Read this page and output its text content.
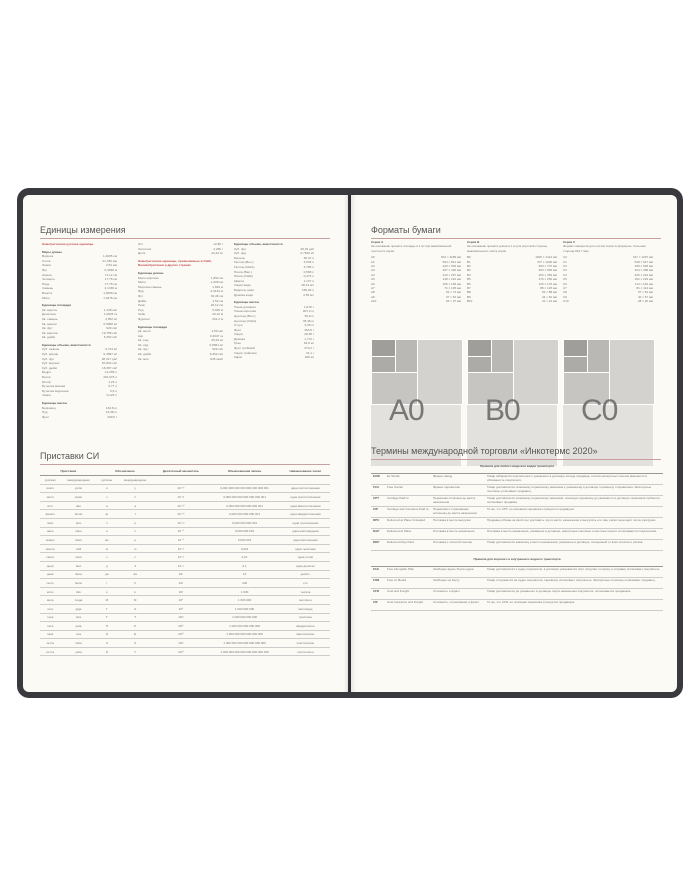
Единицы измерения
Неметрические русские единицы
Меры длины
Вершок	1,4605 см
Сотка	21,336 мм
Линия	2,54 мм
Фут	0,3048 м
Аршин	71,12 см
Четверть	17,78 см
Пядь	17,78 см
Сажень	2,1336 м
Верста	1,0668 км
Миля	7,4676 км
Единицы площади
Кв. верста	1,138 км²
Десятина	1,0925 га
Кв. сажень	4,552 м²
Кв. аршин	0,5058 м²
Кв. фут	929 см²
Кв. вершок	19,758 см²
Кв. дюйм	6,452 см²
Единицы объема, вместимости
Куб. сажень	9,713 м³
Куб. аршин	0,3597 м³
Куб. фут	28,317 дм³
Куб. вершок	87,824 см³
Куб. дюйм	16,387 см³
Ведро	12,299 л
Бочка	491,976 л
Штоф	1,23 л
Бутылка винная	0,77 л
Бутылка водочная	0,6 л
Чарка	0,123 л
Единицы массы
Берковец	163,8 кг
Пуд	16,38 кг
Фунт	409,5 г
Лот	12,80 г
Золотник	4,266 г
Доля	44,43 мг
Неметрические единицы, применяемые в США, Великобритании и других странах
Единицы длины
Миля морская	1,852 км
Миля	1,609 км
Морская сажень	1,829 м
Ярд	0,9144 м
Фут	30,48 см
Дюйм	2,54 см
Линк	20,12 см
Род	5,029 м
Чейн	20,12 м
Фурлонг	201,2 м
Единицы площади
Кв. миля	2,59 км²
Акр	0,4047 га
Кв. род	25,29 м²
Кв. ярд	0,8361 м²
Кв. фут	929 см²
Кв. дюйм	6,452 см²
Кв. мил	645 мкм²
Единицы объема, вместимости
Куб. фут	28,32 дм³
Куб. ярд	0,7646 м³
Бушель	36,37 л
Галлон (Вел.)	4,546 л
Галлон (США)	3,785 л
Пинта (Вел.)	0,568 л
Пинта (США)	0,473 л
Кварта	1,137 л
Унция жидк.	28,41 мл
Баррель нефт.	158,99 л
Драхма жидк.	3,55 мл
Единицы массы
Тонна длинная	1,016 т
Тонна короткая	907,2 кг
Центнер (Вел.)	50,8 кг
Центнер (США)	45,36 кг
Стоун	6,35 кг
Фунт	453,6 г
Унция	28,35 г
Драхма	1,772 г
Гран	64,8 мг
Фунт тройский	373,2 г
Унция тройская	31,1 г
Карат	200 мг
Приставки СИ
Приставка		Обозначение		Десятичный множитель	Обыкновенная запись	Наименование чисел
русская	международная	русское	международное			
иокто	yocto	и	y	10⁻²⁴	0,000 000 000 000 000 000 000 001	одна септиллионная
зепто	zepto	з	z	10⁻²¹	0,000 000 000 000 000 000 001	одна секстиллионная
атто	atto	а	a	10⁻¹⁸	0,000 000 000 000 000 001	одна квинтиллионная
фемто	femto	ф	f	10⁻¹⁵	0,000 000 000 000 001	одна квадриллионная
пико	pico	п	p	10⁻¹²	0,000 000 000 001	одна триллионная
нано	nano	н	n	10⁻⁹	0,000 000 001	одна миллиардная
микро	micro	мк	µ	10⁻⁶	0,000 001	одна миллионная
милли	milli	м	m	10⁻³	0,001	одна тысячная
санти	centi	с	c	10⁻²	0,01	одна сотая
деци	deci	д	d	10⁻¹	0,1	одна десятая
дека	deca	да	da	10¹	10	десять
гекто	hecto	г	h	10²	100	сто
кило	kilo	к	k	10³	1 000	тысяча
мега	mega	М	M	10⁶	1 000 000	миллион
гига	giga	Г	G	10⁹	1 000 000 000	миллиард
тера	tera	Т	T	10¹²	1 000 000 000 000	триллион
пета	peta	П	P	10¹⁵	1 000 000 000 000 000	квадриллион
экса	exa	Э	E	10¹⁸	1 000 000 000 000 000 000	квинтиллион
зетта	zetta	З	Z	10²¹	1 000 000 000 000 000 000 000	секстиллион
иотта	yotta	И	Y	10²⁴	1 000 000 000 000 000 000 000 000	септиллион
Форматы бумаги
Серия A
За основание принята площадь в 1 м² при максимальной плотности серии
A0	841 × 1189 мм
A1	594 × 841 мм
A2	420 × 594 мм
A3	297 × 420 мм
A4	210 × 297 мм
A5	148 × 210 мм
A6	105 × 148 мм
A7	74 × 105 мм
A8	52 × 74 мм
A9	37 × 52 мм
A10	26 × 37 мм
A0
Серия B
За основание принята длина в 1 м для короткой стороны, максимального листа серии
B0	1000 × 1414 мм
B1	707 × 1000 мм
B2	500 × 707 мм
B3	353 × 500 мм
B4	250 × 353 мм
B5	176 × 250 мм
B6	125 × 176 мм
B7	88 × 125 мм
B8	62 × 88 мм
B9	44 × 62 мм
B10	31 × 44 мм
B0
Серия C
Формат конвертов для листов серии A (формулы: большая сторона 916,7 мм)
C0	917 × 1297 мм
C1	648 × 917 мм
C2	458 × 648 мм
C3	324 × 458 мм
C4	229 × 324 мм
C5	162 × 229 мм
C6	114 × 162 мм
C7	81 × 114 мм
C8	57 × 81 мм
C9	40 × 57 мм
C10	28 × 40 мм
C0
Термины международной торговли «Инкотермс 2020»
Правила для любого вида или видов транспорта			
EXW	Ex Works	Франко завод	Товар забирается покупателем с указанного в договоре склада продавца, оплата экспортных пошлин вменяется в обязанность покупателя.
FCA	Free Carrier	Франко перевозчик	Товар доставляется основному перевозчику заказчика к указанному в договоре терминалу отправления. Экспортные пошлины уплачивает продавец.
CPT	Carriage Paid to	Перевозка оплачена до места назначения	Товар доставляется основному перевозчику заказчика, основную перевозку до указанного в договоре терминала прибытия оплачивает продавец.
CIP	Carriage and Insurance Paid to	Перевозка и страхование оплачены до места назначения	То же, что CPT, но основная перевозка страхуется продавцом.
DPU	Delivered at Place Unloaded	Поставка в месте выгрузки	Продавец обязан за свой счет доставить груз в место назначения и выгрузить его там, риски переходят после разгрузки.
DAP	Delivered at Place	Поставка в месте назначения	Поставка в место назначения, указанное в договоре, импортные пошлины и местные налоги оплачиваются покупателем.
DDP	Delivered Duty Paid	Поставка с оплатой пошлин	Товар доставляется заказчику в место назначения, указанное в договоре, очищенный от всех пошлин и рисков.

Правила для морского и внутреннего водного транспорта			
FAS	Free Alongside Ship	Свободно вдоль борта судна	Товар доставляется к судну покупателя, в договоре указывается порт погрузки, погрузку и отправку оплачивает покупатель.
FOB	Free on Board	Свободно на борту	Товар отгружается на судно покупателя, перевозку оплачивает покупатель. Экспортные пошлины оплачивает продавец.
CFR	Cost and Freight	Стоимость и фрахт	Товар доставляется до указанного в договоре порта назначения покупателя, оплачивается продавцом.
CIF	Cost Insurance and Freight	Стоимость, страхование и фрахт	То же, что CFR, но основная перевозка страхуется продавцом.
